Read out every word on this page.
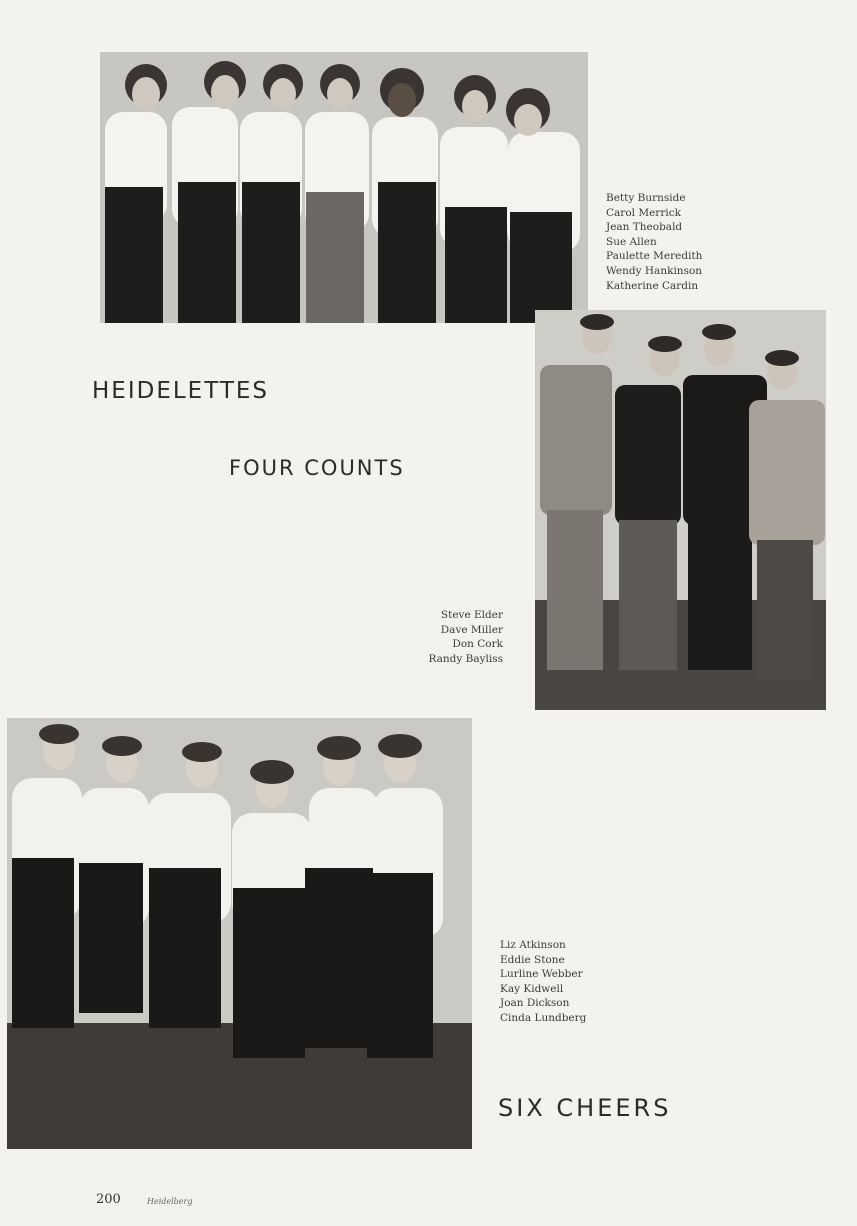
Betty Burnside
Carol Merrick
Jean Theobald
Sue Allen
Paulette Meredith
Wendy Hankinson
Katherine Cardin
HEIDELETTES
FOUR COUNTS
Steve Elder
Dave Miller
Don Cork
Randy Bayliss
Liz Atkinson
Eddie Stone
Lurline Webber
Kay Kidwell
Joan Dickson
Cinda Lundberg
SIX CHEERS
200	Heidelberg
